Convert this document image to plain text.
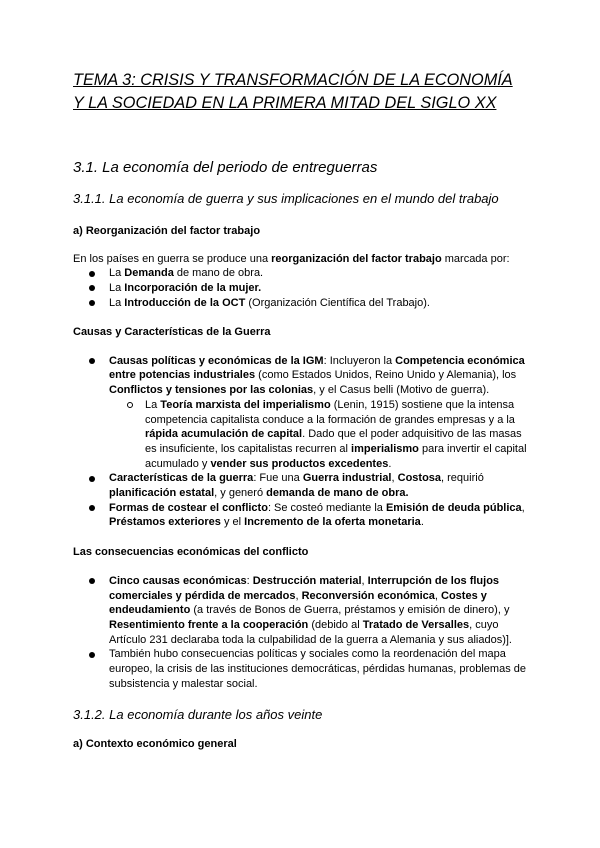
TEMA 3: CRISIS Y TRANSFORMACIÓN DE LA ECONOMÍA Y LA SOCIEDAD EN LA PRIMERA MITAD DEL SIGLO XX
3.1. La economía del periodo de entreguerras
3.1.1. La economía de guerra y sus implicaciones en el mundo del trabajo
a) Reorganización del factor trabajo

En los países en guerra se produce una reorganización del factor trabajo marcada por:

La Demanda de mano de obra.
La Incorporación de la mujer.
La Introducción de la OCT (Organización Científica del Trabajo).
Causas y Características de la Guerra
Causas políticas y económicas de la IGM: Incluyeron la Competencia económica entre potencias industriales (como Estados Unidos, Reino Unido y Alemania), los Conflictos y tensiones por las colonias, y el Casus belli (Motivo de guerra).
La Teoría marxista del imperialismo (Lenin, 1915) sostiene que la intensa competencia capitalista conduce a la formación de grandes empresas y a la rápida acumulación de capital. Dado que el poder adquisitivo de las masas es insuficiente, los capitalistas recurren al imperialismo para invertir el capital acumulado y vender sus productos excedentes.
Características de la guerra: Fue una Guerra industrial, Costosa, requirió planificación estatal, y generó demanda de mano de obra.
Formas de costear el conflicto: Se costeó mediante la Emisión de deuda pública, Préstamos exteriores y el Incremento de la oferta monetaria.
Las consecuencias económicas del conflicto
Cinco causas económicas: Destrucción material, Interrupción de los flujos comerciales y pérdida de mercados, Reconversión económica, Costes y endeudamiento (a través de Bonos de Guerra, préstamos y emisión de dinero), y Resentimiento frente a la cooperación (debido al Tratado de Versalles, cuyo Artículo 231 declaraba toda la culpabilidad de la guerra a Alemania y sus aliados)].
También hubo consecuencias políticas y sociales como la reordenación del mapa europeo, la crisis de las instituciones democráticas, pérdidas humanas, problemas de subsistencia y malestar social.
3.1.2. La economía durante los años veinte
a) Contexto económico general
